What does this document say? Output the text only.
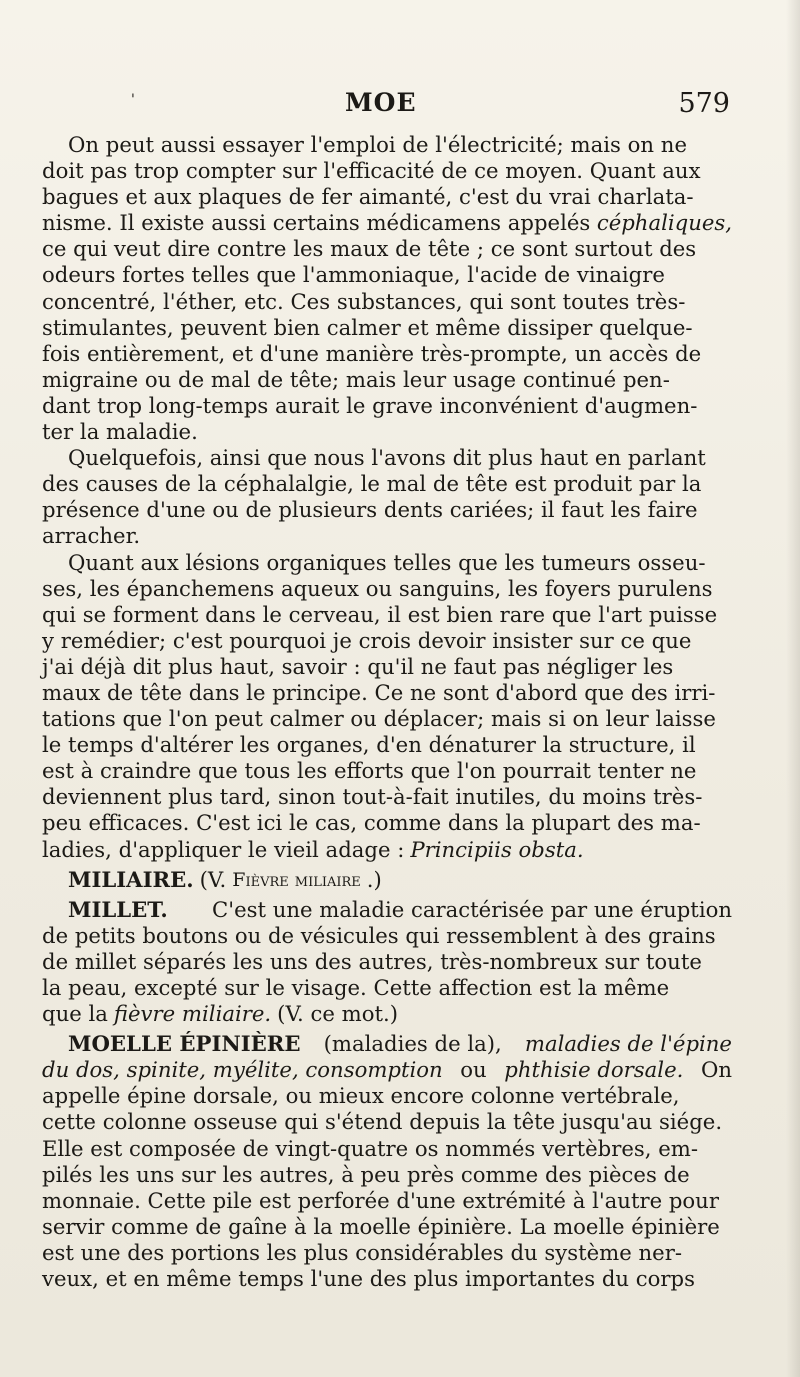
'	MOE	579
On peut aussi essayer l'emploi de l'électricité; mais on ne
doit pas trop compter sur l'efficacité de ce moyen. Quant aux
bagues et aux plaques de fer aimanté, c'est du vrai charlata-
nisme. Il existe aussi certains médicamens appelés céphaliques,
ce qui veut dire contre les maux de tête ; ce sont surtout des
odeurs fortes telles que l'ammoniaque, l'acide de vinaigre
concentré, l'éther, etc. Ces substances, qui sont toutes très-
stimulantes, peuvent bien calmer et même dissiper quelque-
fois entièrement, et d'une manière très-prompte, un accès de
migraine ou de mal de tête; mais leur usage continué pen-
dant trop long-temps aurait le grave inconvénient d'augmen-
ter la maladie.
Quelquefois, ainsi que nous l'avons dit plus haut en parlant
des causes de la céphalalgie, le mal de tête est produit par la
présence d'une ou de plusieurs dents cariées; il faut les faire
arracher.
Quant aux lésions organiques telles que les tumeurs osseu-
ses, les épanchemens aqueux ou sanguins, les foyers purulens
qui se forment dans le cerveau, il est bien rare que l'art puisse
y remédier; c'est pourquoi je crois devoir insister sur ce que
j'ai déjà dit plus haut, savoir : qu'il ne faut pas négliger les
maux de tête dans le principe. Ce ne sont d'abord que des irri-
tations que l'on peut calmer ou déplacer; mais si on leur laisse
le temps d'altérer les organes, d'en dénaturer la structure, il
est à craindre que tous les efforts que l'on pourrait tenter ne
deviennent plus tard, sinon tout-à-fait inutiles, du moins très-
peu efficaces. C'est ici le cas, comme dans la plupart des ma-
ladies, d'appliquer le vieil adage : Principiis obsta.
MILIAIRE. (V. Fièvre miliaire .)
MILLET. C'est une maladie caractérisée par une éruption
de petits boutons ou de vésicules qui ressemblent à des grains
de millet séparés les uns des autres, très-nombreux sur toute
la peau, excepté sur le visage. Cette affection est la même
que la fièvre miliaire. (V. ce mot.)
MOELLE ÉPINIÈRE (maladies de la), maladies de l'épine
du dos, spinite, myélite, consomption ou phthisie dorsale. On
appelle épine dorsale, ou mieux encore colonne vertébrale,
cette colonne osseuse qui s'étend depuis la tête jusqu'au siége.
Elle est composée de vingt-quatre os nommés vertèbres, em-
pilés les uns sur les autres, à peu près comme des pièces de
monnaie. Cette pile est perforée d'une extrémité à l'autre pour
servir comme de gaîne à la moelle épinière. La moelle épinière
est une des portions les plus considérables du système ner-
veux, et en même temps l'une des plus importantes du corps
